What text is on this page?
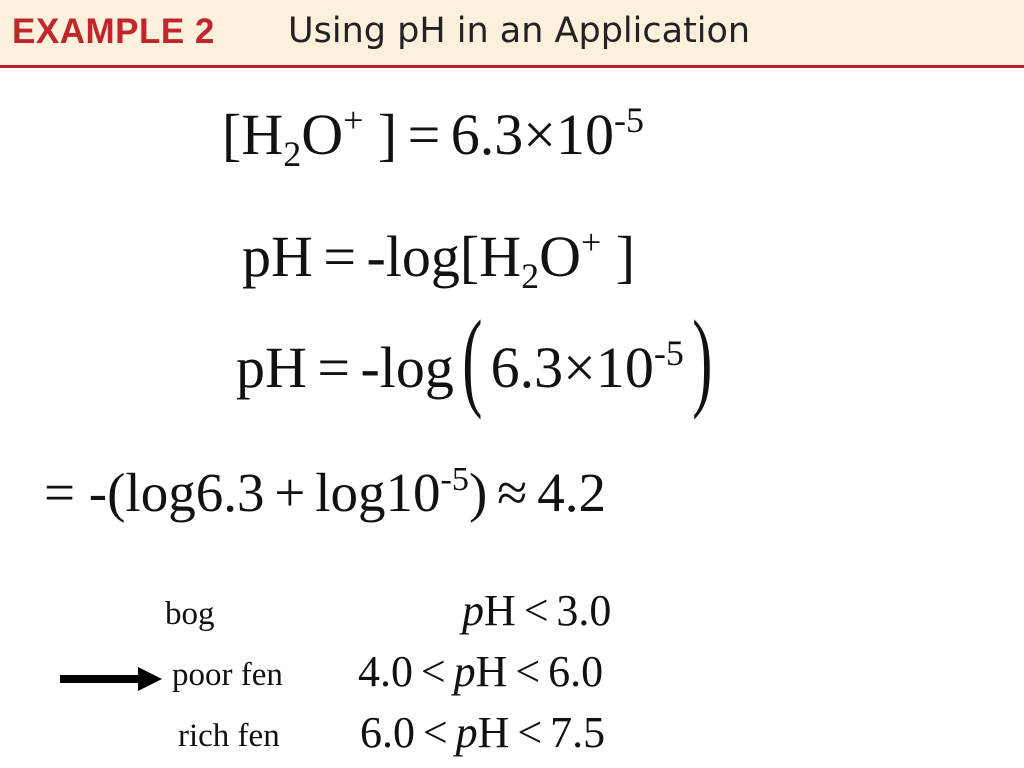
EXAMPLE 2 Using pH in an Application
[H2O+ ] = $6.3\times 10^{-5}$
pH = -log[H2O+ ]
pH = -log( $6.3\times 10^{-5}$)
= $-(\log 6.3 + \log 10^{-5}) \approx 4.2$
bog	pH < 3.0
poor fen 4.0 < pH < 6.0
rich fen 6.0 < pH < 7.5
